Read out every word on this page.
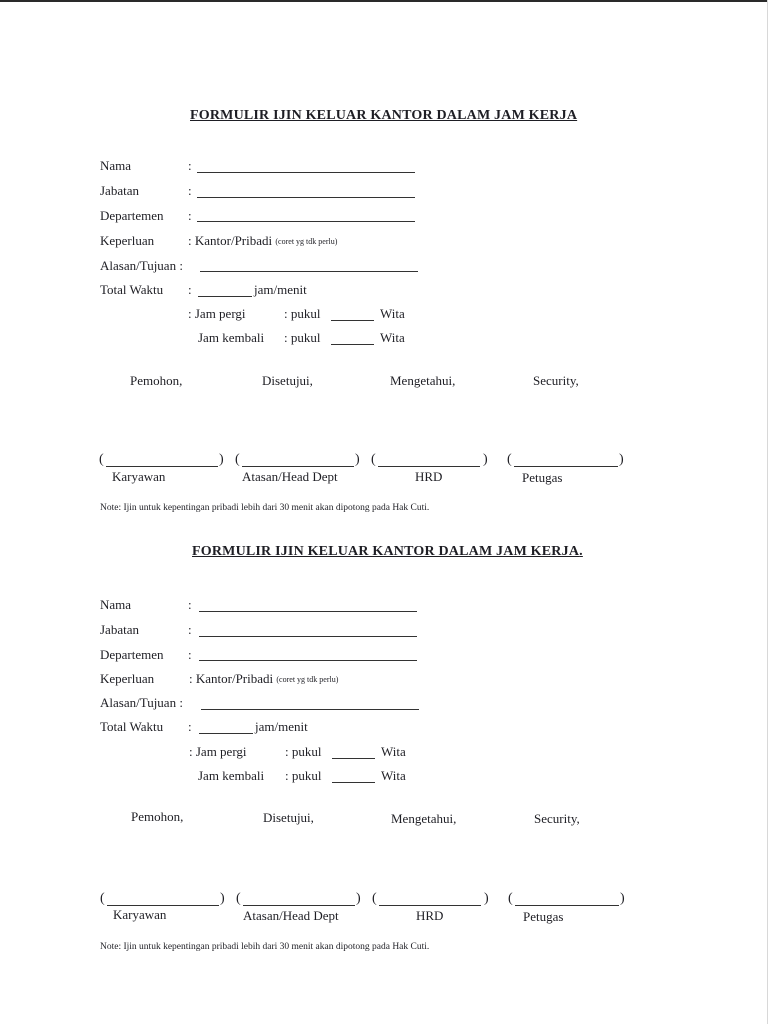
FORMULIR IJIN KELUAR KANTOR DALAM JAM KERJA
Nama	:
Jabatan	:
Departemen :
Keperluan	: Kantor/Pribadi (coret yg tdk perlu)
Alasan/Tujuan :
Total Waktu :	jam/menit
: Jam pergi	: pukul	Wita
Jam kembali : pukul	Wita
Pemohon,	Disetujui,	Mengetahui,	Security,
(	) (	) (	) (	)
Karyawan	Atasan/Head Dept	HRD	Petugas
Note: Ijin untuk kepentingan pribadi lebih dari 30 menit akan dipotong pada Hak Cuti.
FORMULIR IJIN KELUAR KANTOR DALAM JAM KERJA.
Nama	:
Jabatan	:
Departemen :
Keperluan	: Kantor/Pribadi (coret yg tdk perlu)
Alasan/Tujuan :
Total Waktu :	jam/menit
: Jam pergi	: pukul	Wita
Jam kembali : pukul	Wita
Pemohon,	Disetujui,	Mengetahui,	Security,
(	) (	) (	) (	)
Karyawan	Atasan/Head Dept	HRD	Petugas
Note: Ijin untuk kepentingan pribadi lebih dari 30 menit akan dipotong pada Hak Cuti.
